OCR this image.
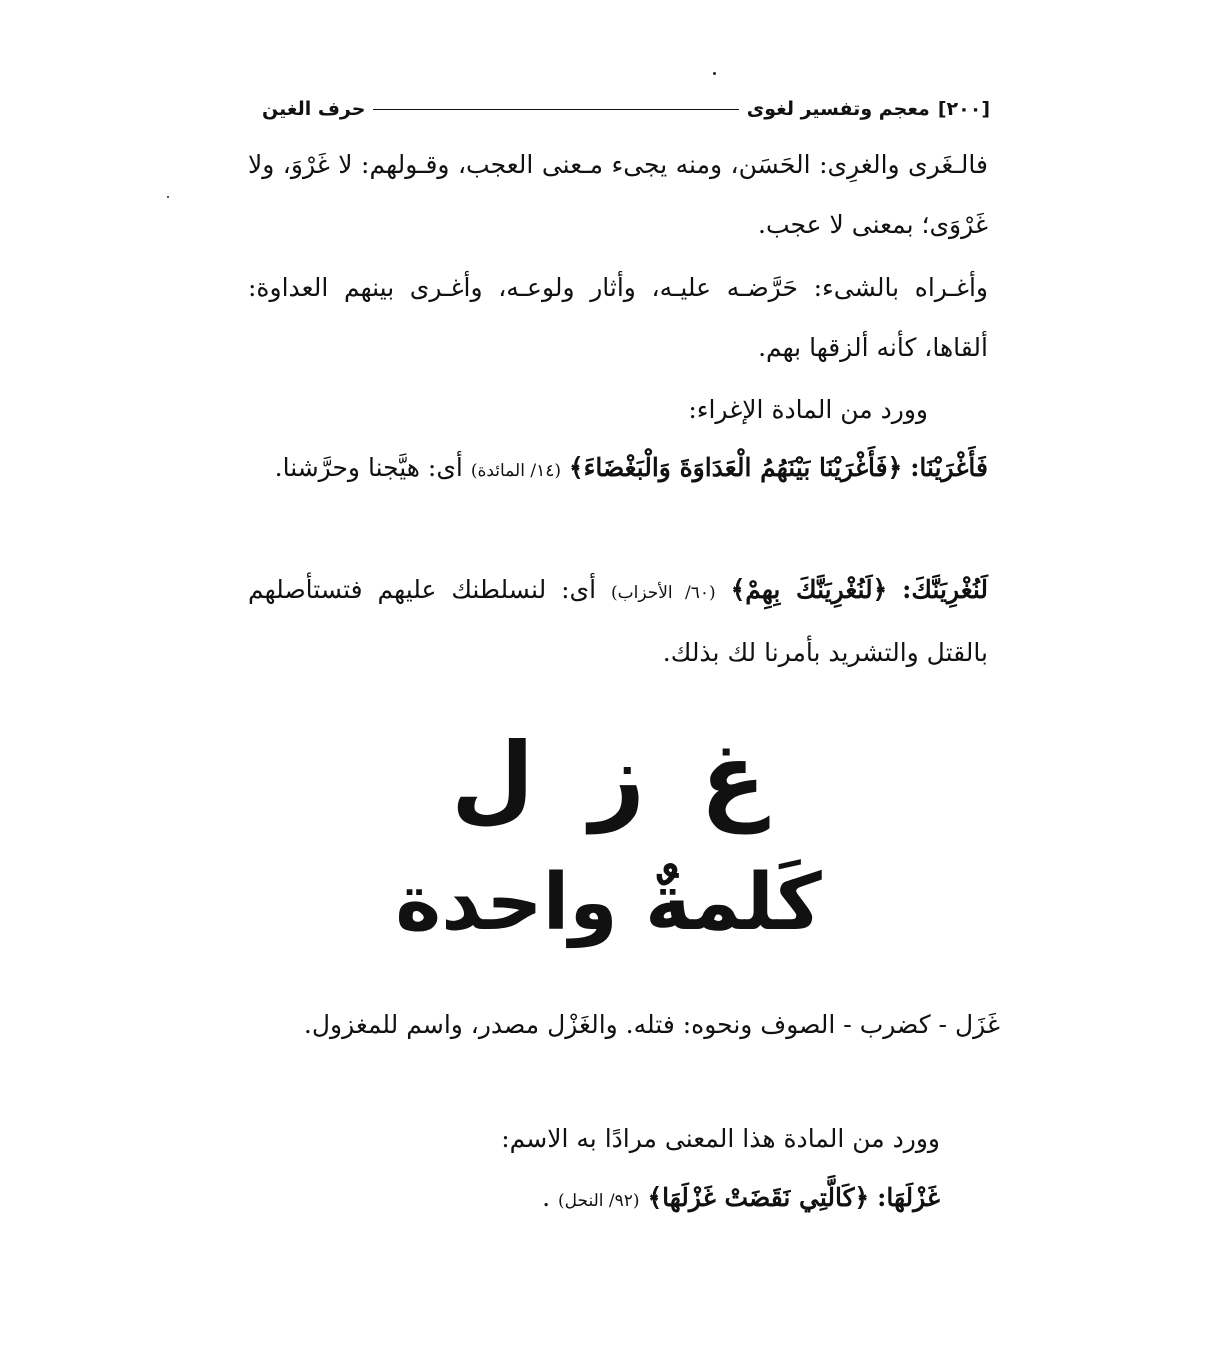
[٢٠٠]
معجم وتفسير لغوى
حرف الغين

فالـغَرى والغرِى: الحَسَن، ومنه يجىء مـعنى العجب، وقـولهم: لا غَرْوَ، ولا غَرْوَى؛ بمعنى لا عجب.

وأغـراه بالشىء: حَرَّضـه عليـه، وأثار ولوعـه، وأغـرى بينهم العداوة: ألقاها، كأنه ألزقها بهم.

وورد من المادة الإغراء:

فَأَغْرَيْنَا: ﴿فَأَغْرَيْنَا بَيْنَهُمُ الْعَدَاوَةَ وَالْبَغْضَاءَ﴾ (١٤/ المائدة) أى: هيَّجنا وحرَّشنا.

لَنُغْرِيَنَّكَ: ﴿لَنُغْرِيَنَّكَ بِهِمْ﴾ (٦٠/ الأحزاب) أى: لنسلطنك عليهم فتستأصلهم بالقتل والتشريد بأمرنا لك بذلك.

غ ز ل
كَلمةٌ واحدة

غَزَل - كضرب - الصوف ونحوه: فتله. والغَزْل مصدر، واسم للمغزول.

وورد من المادة هذا المعنى مرادًا به الاسم:

غَزْلَهَا: ﴿كَالَّتِي نَقَضَتْ غَزْلَهَا﴾ (٩٢/ النحل) .
